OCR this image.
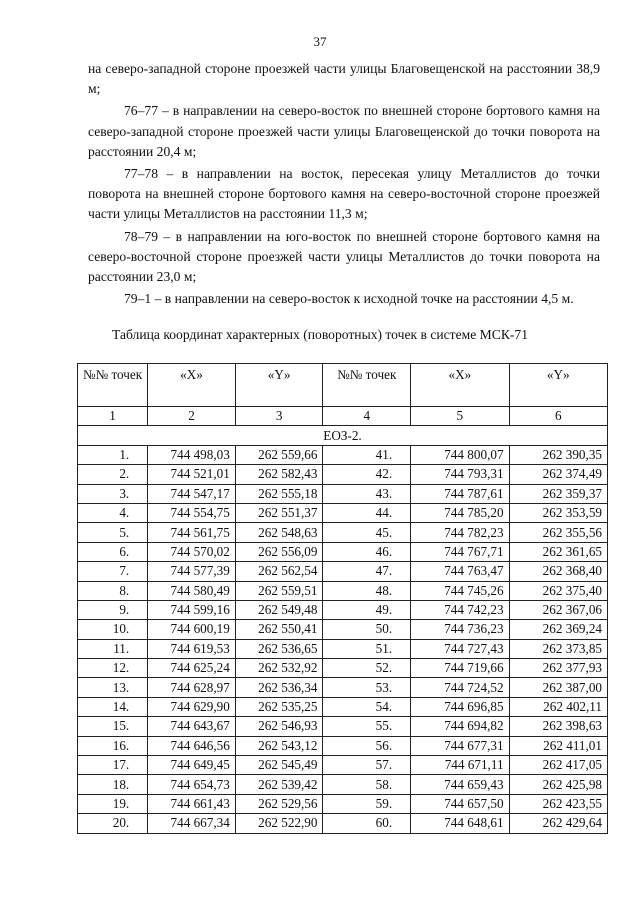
37

на северо-западной стороне проезжей части улицы Благовещенской на расстоянии 38,9 м;

76–77 – в направлении на северо-восток по внешней стороне бортового камня на северо-западной стороне проезжей части улицы Благовещенской до точки поворота на расстоянии 20,4 м;

77–78 – в направлении на восток, пересекая улицу Металлистов до точки поворота на внешней стороне бортового камня на северо-восточной стороне проезжей части улицы Металлистов на расстоянии 11,3 м;

78–79 – в направлении на юго-восток по внешней стороне бортового камня на северо-восточной стороне проезжей части улицы Металлистов до точки поворота на расстоянии 23,0 м;

79–1 – в направлении на северо-восток к исходной точке на расстоянии 4,5 м.

Таблица координат характерных (поворотных) точек в системе МСК-71
№№ точек	«X»	«Y»	№№ точек	«X»	«Y»
1	2	3	4	5	6
ЕОЗ-2.					
1.	744 498,03	262 559,66	41.	744 800,07	262 390,35
2.	744 521,01	262 582,43	42.	744 793,31	262 374,49
3.	744 547,17	262 555,18	43.	744 787,61	262 359,37
4.	744 554,75	262 551,37	44.	744 785,20	262 353,59
5.	744 561,75	262 548,63	45.	744 782,23	262 355,56
6.	744 570,02	262 556,09	46.	744 767,71	262 361,65
7.	744 577,39	262 562,54	47.	744 763,47	262 368,40
8.	744 580,49	262 559,51	48.	744 745,26	262 375,40
9.	744 599,16	262 549,48	49.	744 742,23	262 367,06
10.	744 600,19	262 550,41	50.	744 736,23	262 369,24
11.	744 619,53	262 536,65	51.	744 727,43	262 373,85
12.	744 625,24	262 532,92	52.	744 719,66	262 377,93
13.	744 628,97	262 536,34	53.	744 724,52	262 387,00
14.	744 629,90	262 535,25	54.	744 696,85	262 402,11
15.	744 643,67	262 546,93	55.	744 694,82	262 398,63
16.	744 646,56	262 543,12	56.	744 677,31	262 411,01
17.	744 649,45	262 545,49	57.	744 671,11	262 417,05
18.	744 654,73	262 539,42	58.	744 659,43	262 425,98
19.	744 661,43	262 529,56	59.	744 657,50	262 423,55
20.	744 667,34	262 522,90	60.	744 648,61	262 429,64
